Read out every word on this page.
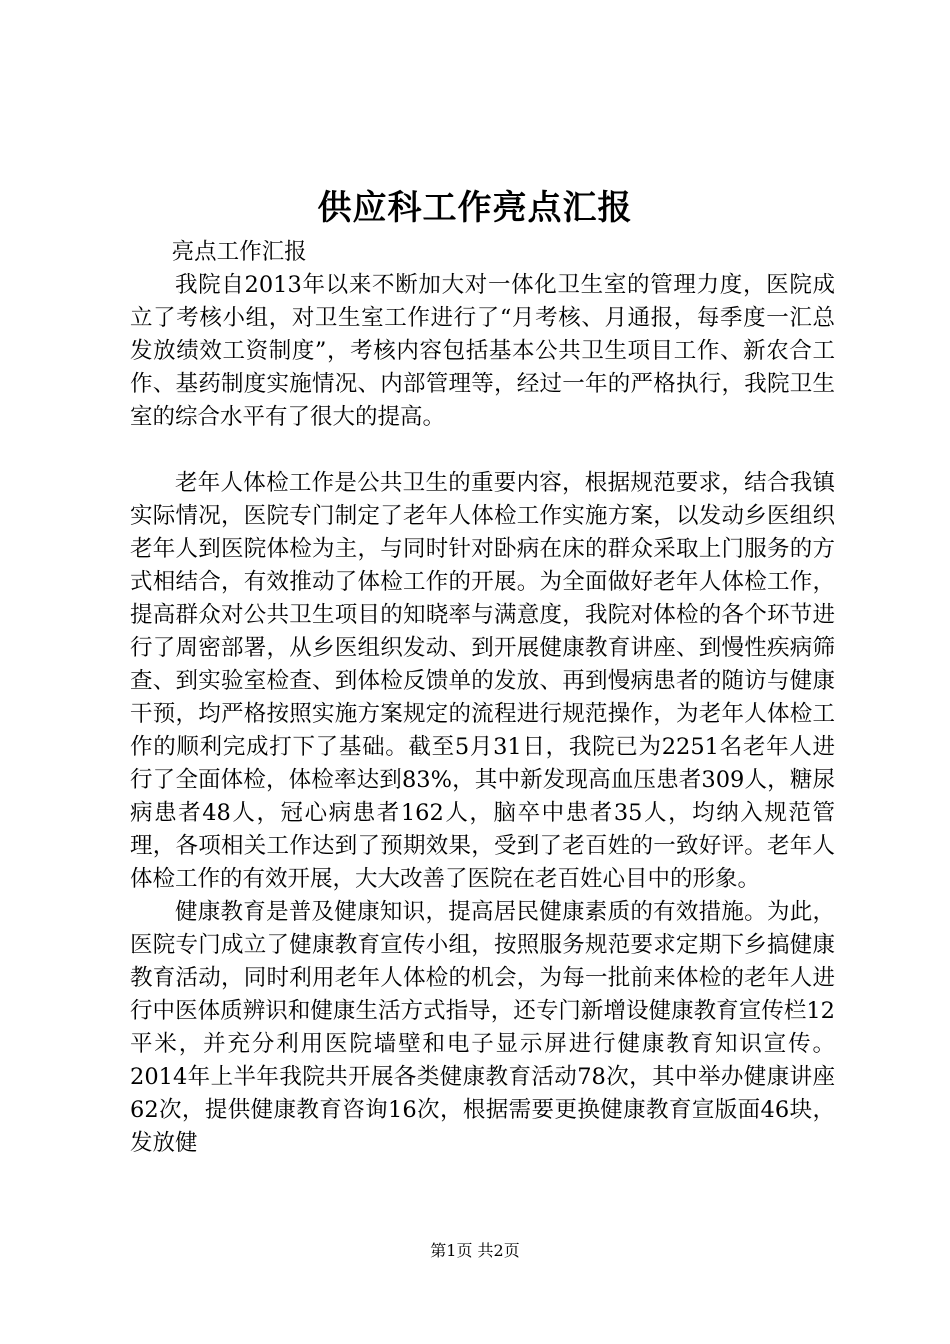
供应科工作亮点汇报

亮点工作汇报

我院自2013年以来不断加大对一体化卫生室的管理力度，医院成立了考核小组，对卫生室工作进行了“月考核、月通报，每季度一汇总发放绩效工资制度”，考核内容包括基本公共卫生项目工作、新农合工作、基药制度实施情况、内部管理等，经过一年的严格执行，我院卫生室的综合水平有了很大的提高。

老年人体检工作是公共卫生的重要内容，根据规范要求，结合我镇实际情况，医院专门制定了老年人体检工作实施方案，以发动乡医组织老年人到医院体检为主，与同时针对卧病在床的群众采取上门服务的方式相结合，有效推动了体检工作的开展。为全面做好老年人体检工作，提高群众对公共卫生项目的知晓率与满意度，我院对体检的各个环节进行了周密部署，从乡医组织发动、到开展健康教育讲座、到慢性疾病筛查、到实验室检查、到体检反馈单的发放、再到慢病患者的随访与健康干预，均严格按照实施方案规定的流程进行规范操作，为老年人体检工作的顺利完成打下了基础。截至5月31日，我院已为2251名老年人进行了全面体检，体检率达到83%，其中新发现高血压患者309人，糖尿病患者48人，冠心病患者162人，脑卒中患者35人，均纳入规范管理，各项相关工作达到了预期效果，受到了老百姓的一致好评。老年人体检工作的有效开展，大大改善了医院在老百姓心目中的形象。

健康教育是普及健康知识，提高居民健康素质的有效措施。为此，医院专门成立了健康教育宣传小组，按照服务规范要求定期下乡搞健康教育活动，同时利用老年人体检的机会，为每一批前来体检的老年人进行中医体质辨识和健康生活方式指导，还专门新增设健康教育宣传栏12平米，并充分利用医院墙壁和电子显示屏进行健康教育知识宣传。2014年上半年我院共开展各类健康教育活动78次，其中举办健康讲座62次，提供健康教育咨询16次，根据需要更换健康教育宣版面46块，发放健

第1页 共2页
